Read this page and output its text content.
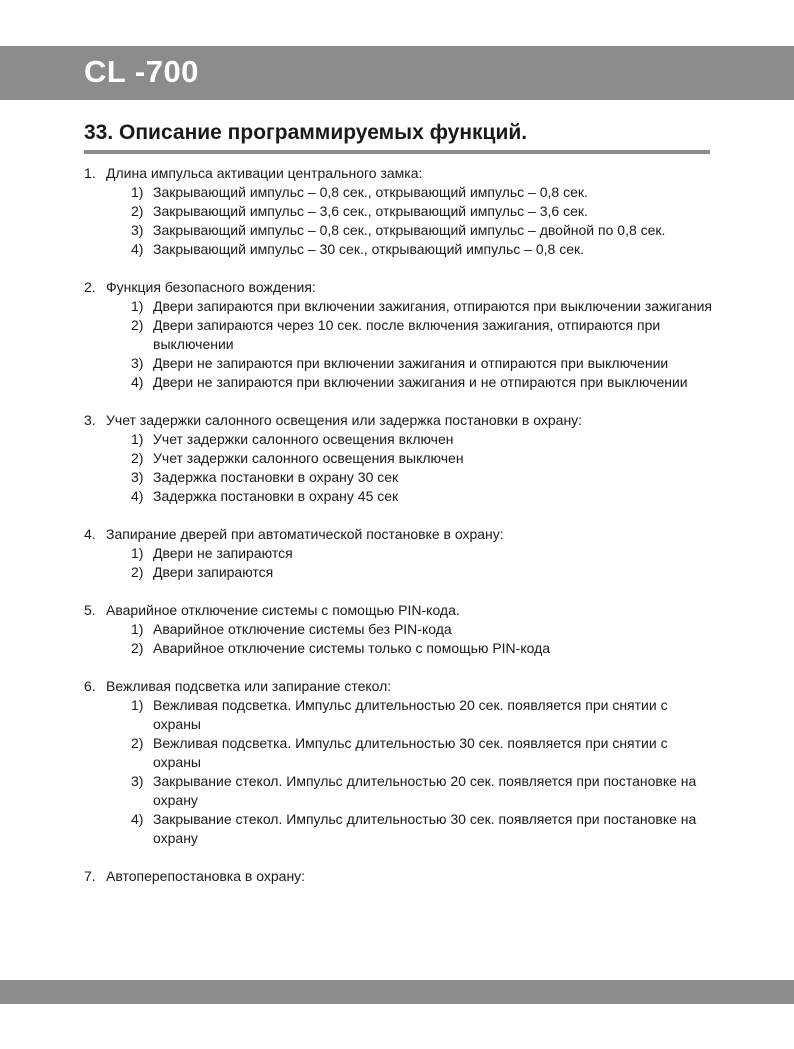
CL -700
33. Описание программируемых функций.
1. Длина импульса активации центрального замка:
1) Закрывающий импульс – 0,8 сек., открывающий импульс – 0,8 сек.
2) Закрывающий импульс – 3,6 сек., открывающий импульс – 3,6 сек.
3) Закрывающий импульс – 0,8 сек., открывающий импульс – двойной по 0,8 сек.
4) Закрывающий импульс – 30 сек., открывающий импульс – 0,8 сек.
2. Функция безопасного вождения:
1) Двери запираются при включении зажигания, отпираются при выключении зажигания
2) Двери запираются через 10 сек. после включения зажигания, отпираются при выключении
3) Двери не запираются при включении зажигания и отпираются при выключении
4) Двери не запираются при включении зажигания и не отпираются при выключении
3. Учет задержки салонного освещения или задержка постановки в охрану:
1) Учет задержки салонного освещения включен
2) Учет задержки салонного освещения выключен
3) Задержка постановки в охрану 30 сек
4) Задержка постановки в охрану 45 сек
4. Запирание дверей при автоматической постановке в охрану:
1) Двери не запираются
2) Двери запираются
5. Аварийное отключение системы с помощью PIN-кода.
1) Аварийное отключение системы без PIN-кода
2) Аварийное отключение системы только с помощью PIN-кода
6. Вежливая подсветка или запирание стекол:
1) Вежливая подсветка. Импульс длительностью 20 сек. появляется при снятии с охраны
2) Вежливая подсветка. Импульс длительностью 30 сек. появляется при снятии с охраны
3) Закрывание стекол. Импульс длительностью 20 сек. появляется при постановке на охрану
4) Закрывание стекол. Импульс длительностью 30 сек. появляется при постановке на охрану
7. Автоперепостановка в охрану:
